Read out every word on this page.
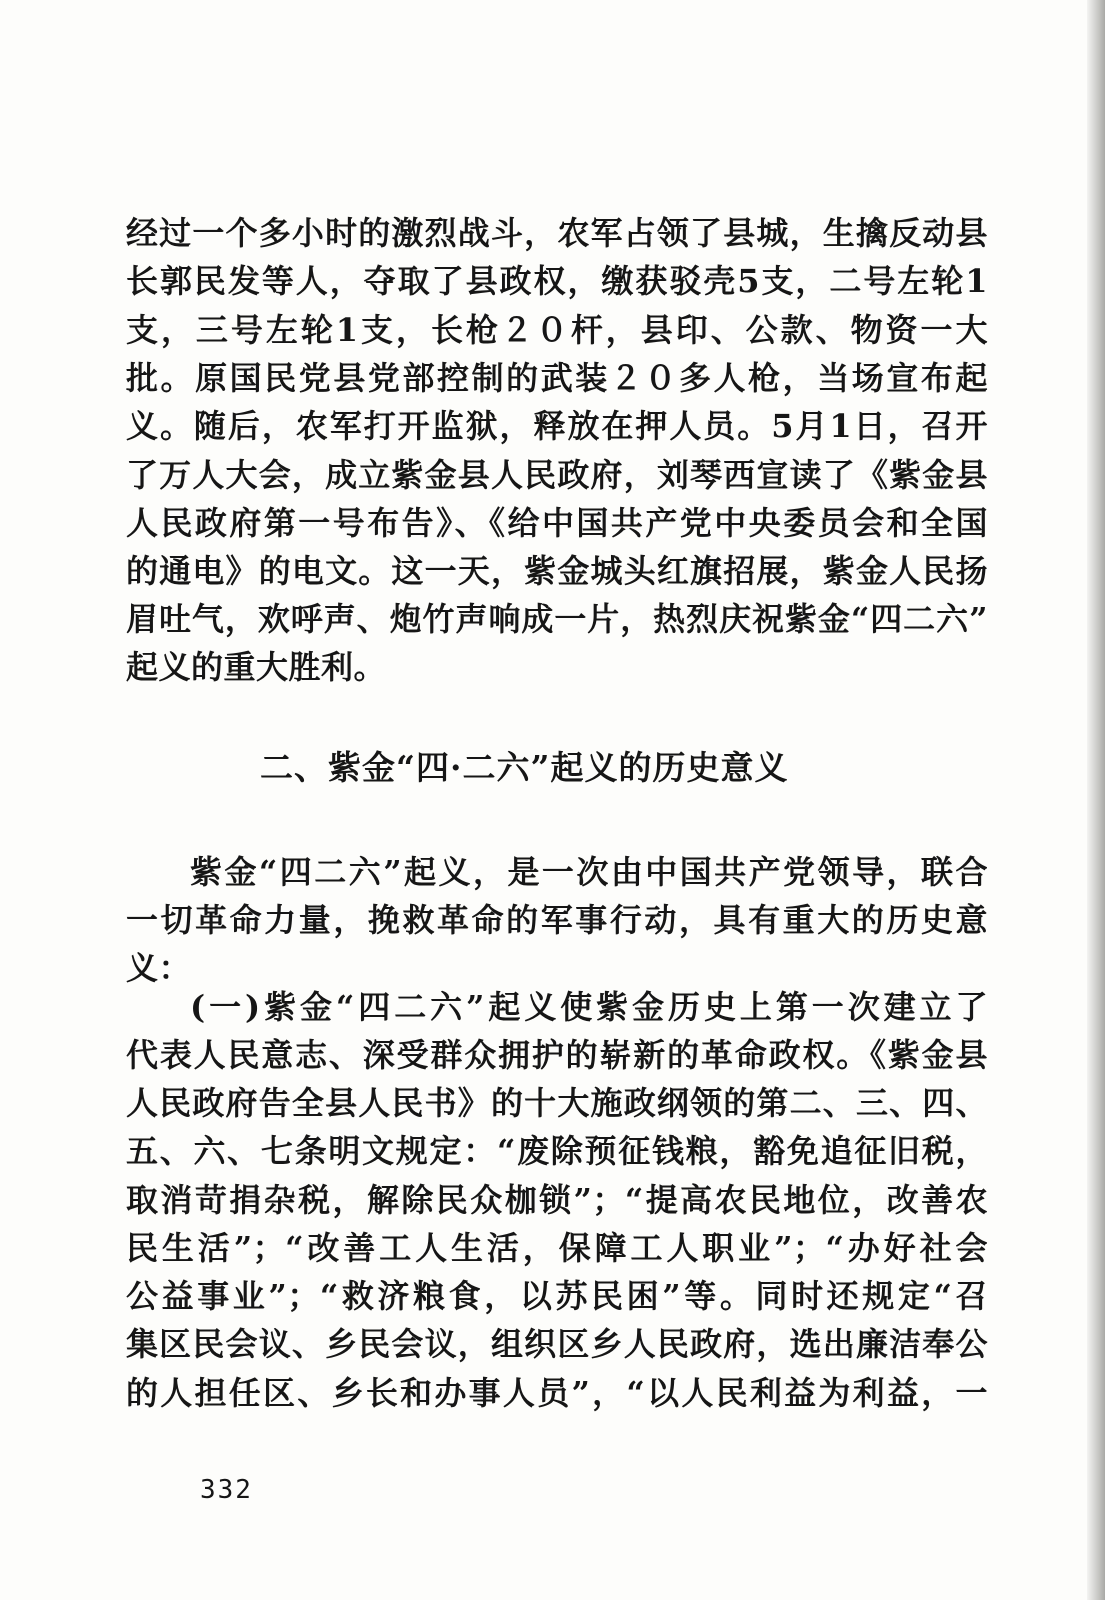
经过一个多小时的激烈战斗，农军占领了县城，生擒反动县
长郭民发等人，夺取了县政权，缴获驳壳5支，二号左轮1
支，三号左轮1支，长枪２０杆，县印、公款、物资一大
批。原国民党县党部控制的武装２０多人枪，当场宣布起
义。随后，农军打开监狱，释放在押人员。5月1日，召开
了万人大会，成立紫金县人民政府，刘琴西宣读了《紫金县
人民政府第一号布告》、《给中国共产党中央委员会和全国
的通电》的电文。这一天，紫金城头红旗招展，紫金人民扬
眉吐气，欢呼声、炮竹声响成一片，热烈庆祝紫金“四二六”
起义的重大胜利。
二、紫金“四·二六”起义的历史意义
紫金“四二六”起义，是一次由中国共产党领导，联合
一切革命力量，挽救革命的军事行动，具有重大的历史意
义：
(一)紫金“四二六”起义使紫金历史上第一次建立了
代表人民意志、深受群众拥护的崭新的革命政权。《紫金县
人民政府告全县人民书》的十大施政纲领的第二、三、四、
五、六、七条明文规定：“废除预征钱粮，豁免追征旧税，
取消苛捐杂税，解除民众枷锁”；“提高农民地位，改善农
民生活”；“改善工人生活，保障工人职业”；“办好社会
公益事业”；“救济粮食，以苏民困”等。同时还规定“召
集区民会议、乡民会议，组织区乡人民政府，选出廉洁奉公
的人担任区、乡长和办事人员”，“以人民利益为利益，一
332
